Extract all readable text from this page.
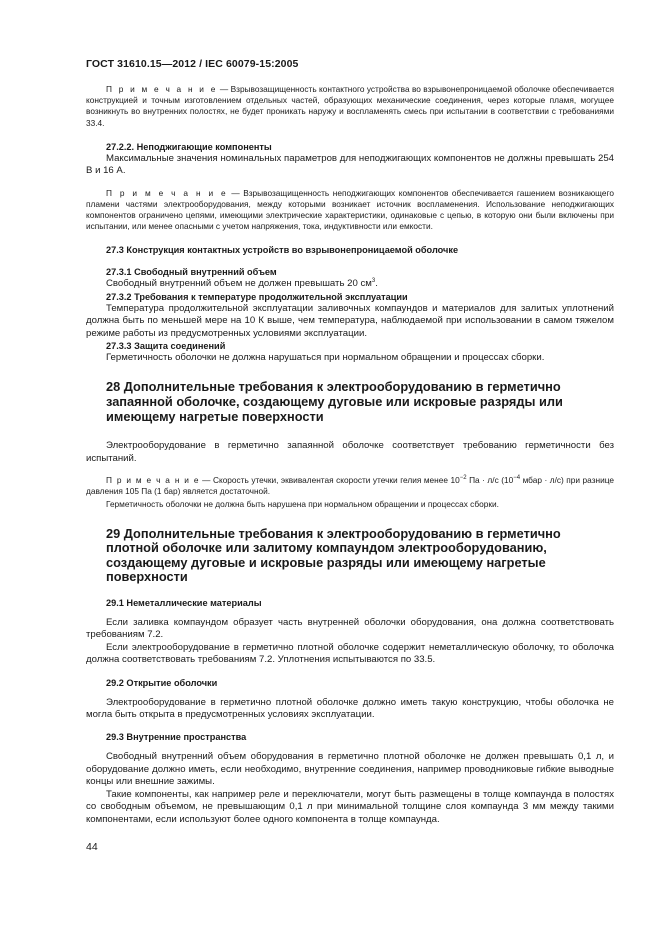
ГОСТ 31610.15—2012 / IEC 60079-15:2005

П р и м е ч а н и е — Взрывозащищенность контактного устройства во взрывонепроницаемой оболочке обеспечивается конструкцией и точным изготовлением отдельных частей, образующих механические соединения, через которые пламя, могущее возникнуть во внутренних полостях, не будет проникать наружу и воспламенять смесь при испытании в соответствии с требованиями 33.4.

27.2.2. Неподжигающие компоненты

Максимальные значения номинальных параметров для неподжигающих компонентов не должны превышать 254 В и 16 А.

П р и м е ч а н и е — Взрывозащищенность неподжигающих компонентов обеспечивается гашением возникающего пламени частями электрооборудования, между которыми возникает источник воспламенения. Использование неподжигающих компонентов ограничено цепями, имеющими электрические характеристики, одинаковые с цепью, в которую они были включены при испытании, или менее опасными с учетом напряжения, тока, индуктивности или емкости.

27.3 Конструкция контактных устройств во взрывонепроницаемой оболочке

27.3.1 Свободный внутренний объем

Свободный внутренний объем не должен превышать 20 $см^3$.

27.3.2 Требования к температуре продолжительной эксплуатации

Температура продолжительной эксплуатации заливочных компаундов и материалов для залитых уплотнений должна быть по меньшей мере на 10 К выше, чем температура, наблюдаемой при использовании в самом тяжелом режиме работы из предусмотренных условиями эксплуатации.

27.3.3 Защита соединений

Герметичность оболочки не должна нарушаться при нормальном обращении и процессах сборки.

28 Дополнительные требования к электрооборудованию в герметично запаянной оболочке, создающему дуговые или искровые разряды или имеющему нагретые поверхности

Электрооборудование в герметично запаянной оболочке соответствует требованию герметичности без испытаний.

П р и м е ч а н и е — Скорость утечки, эквивалентая скорости утечки гелия менее $10^{-2}$ Па · л/с ($10^{-4}$ мбар · л/с) при разнице давления 105 Па (1 бар) является достаточной.

Герметичность оболочки не должна быть нарушена при нормальном обращении и процессах сборки.

29 Дополнительные требования к электрооборудованию в герметично плотной оболочке или залитому компаундом электрооборудованию, создающему дуговые и искровые разряды или имеющему нагретые поверхности

29.1 Неметаллические материалы

Если заливка компаундом образует часть внутренней оболочки оборудования, она должна соответствовать требованиям 7.2.

Если электрооборудование в герметично плотной оболочке содержит неметаллическую оболочку, то оболочка должна соответствовать требованиям 7.2. Уплотнения испытываются по 33.5.

29.2 Открытие оболочки

Электрооборудование в герметично плотной оболочке должно иметь такую конструкцию, чтобы оболочка не могла быть открыта в предусмотренных условиях эксплуатации.

29.3 Внутренние пространства

Свободный внутренний объем оборудования в герметично плотной оболочке не должен превышать 0,1 л, и оборудование должно иметь, если необходимо, внутренние соединения, например проводниковые гибкие выводные концы или внешние зажимы.

Такие компоненты, как например реле и переключатели, могут быть размещены в толще компаунда в полостях со свободным объемом, не превышающим 0,1 л при минимальной толщине слоя компаунда 3 мм между такими компонентами, если используют более одного компонента в толще компаунда.

44
